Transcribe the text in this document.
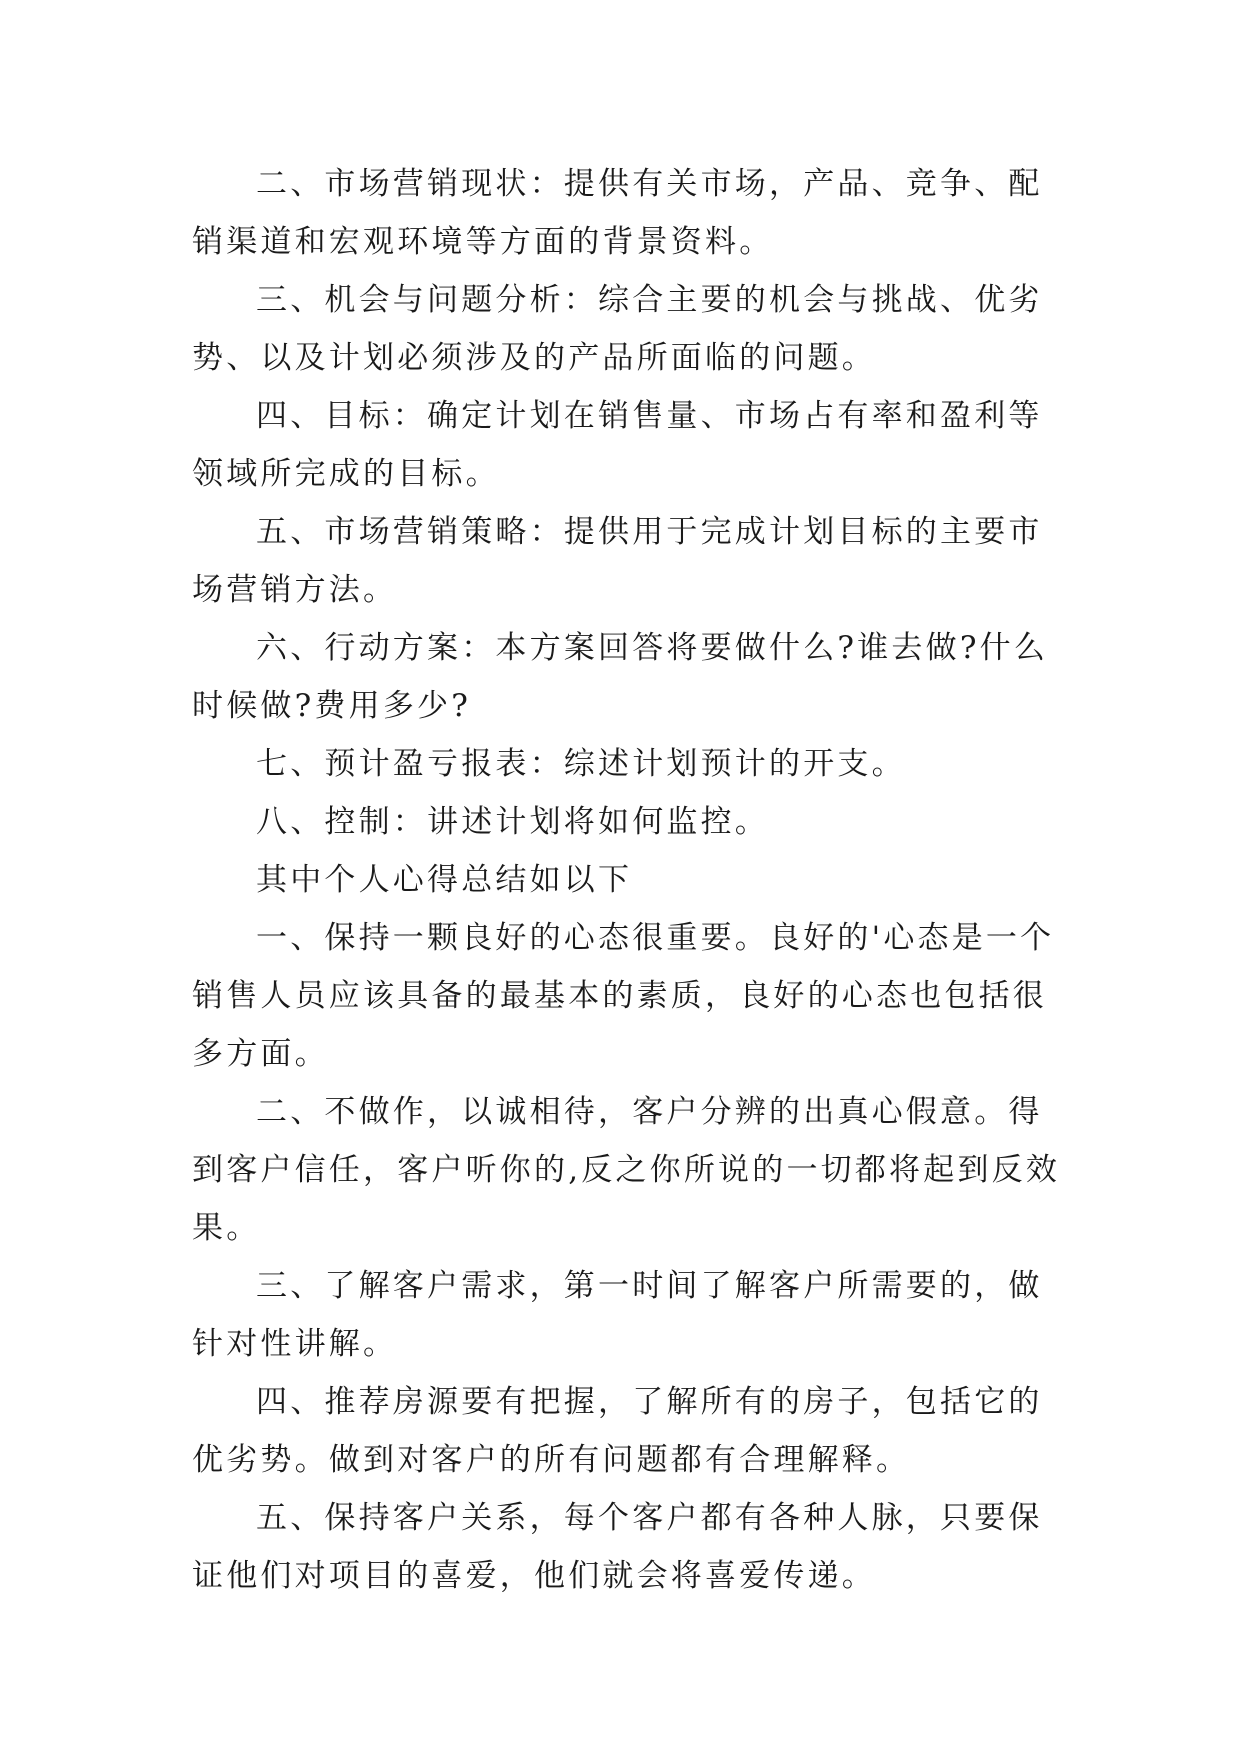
二、市场营销现状：提供有关市场，产品、竞争、配销渠道和宏观环境等方面的背景资料。

三、机会与问题分析：综合主要的机会与挑战、优劣势、以及计划必须涉及的产品所面临的问题。

四、目标：确定计划在销售量、市场占有率和盈利等领域所完成的目标。

五、市场营销策略：提供用于完成计划目标的主要市场营销方法。

六、行动方案：本方案回答将要做什么?谁去做?什么时候做?费用多少?

七、预计盈亏报表：综述计划预计的开支。

八、控制：讲述计划将如何监控。

其中个人心得总结如以下

一、保持一颗良好的心态很重要。良好的'心态是一个销售人员应该具备的最基本的素质，良好的心态也包括很多方面。

二、不做作，以诚相待，客户分辨的出真心假意。得到客户信任，客户听你的,反之你所说的一切都将起到反效果。

三、了解客户需求，第一时间了解客户所需要的，做针对性讲解。

四、推荐房源要有把握，了解所有的房子，包括它的优劣势。做到对客户的所有问题都有合理解释。

五、保持客户关系，每个客户都有各种人脉，只要保证他们对项目的喜爱，他们就会将喜爱传递。
